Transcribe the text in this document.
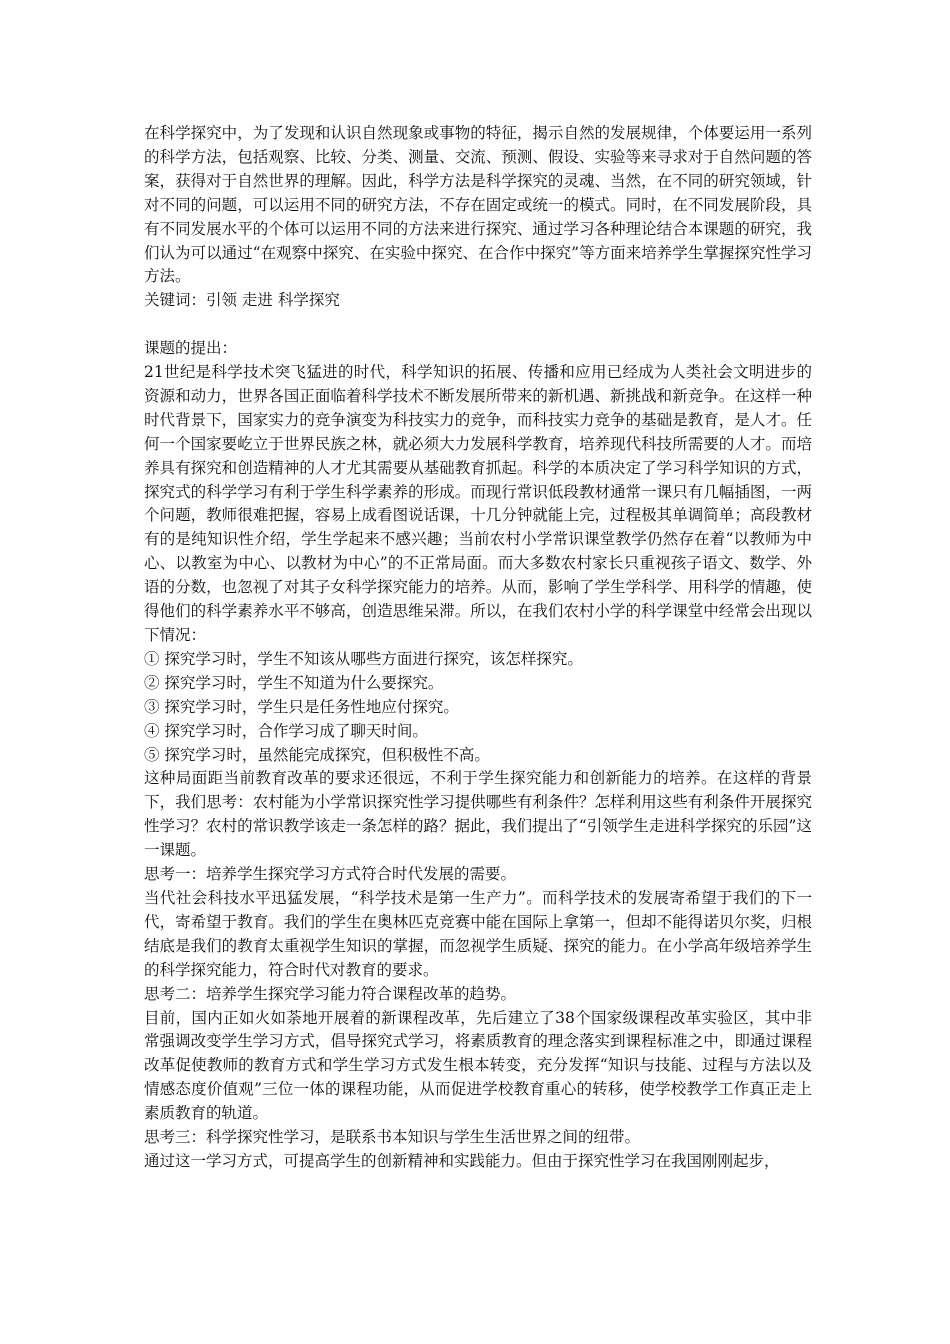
在科学探究中，为了发现和认识自然现象或事物的特征，揭示自然的发展规律，个体要运用一系列的科学方法，包括观察、比较、分类、测量、交流、预测、假设、实验等来寻求对于自然问题的答案，获得对于自然世界的理解。因此，科学方法是科学探究的灵魂、当然，在不同的研究领域，针对不同的问题，可以运用不同的研究方法，不存在固定或统一的模式。同时，在不同发展阶段，具有不同发展水平的个体可以运用不同的方法来进行探究、通过学习各种理论结合本课题的研究，我们认为可以通过“在观察中探究、在实验中探究、在合作中探究”等方面来培养学生掌握探究性学习方法。

关键词：引领 走进 科学探究

课题的提出：

21世纪是科学技术突飞猛进的时代，科学知识的拓展、传播和应用已经成为人类社会文明进步的资源和动力，世界各国正面临着科学技术不断发展所带来的新机遇、新挑战和新竞争。在这样一种时代背景下，国家实力的竞争演变为科技实力的竞争，而科技实力竞争的基础是教育，是人才。任何一个国家要屹立于世界民族之林，就必须大力发展科学教育，培养现代科技所需要的人才。而培养具有探究和创造精神的人才尤其需要从基础教育抓起。科学的本质决定了学习科学知识的方式，探究式的科学学习有利于学生科学素养的形成。而现行常识低段教材通常一课只有几幅插图，一两个问题，教师很难把握，容易上成看图说话课，十几分钟就能上完，过程极其单调简单；高段教材有的是纯知识性介绍，学生学起来不感兴趣；当前农村小学常识课堂教学仍然存在着“以教师为中心、以教室为中心、以教材为中心”的不正常局面。而大多数农村家长只重视孩子语文、数学、外语的分数，也忽视了对其子女科学探究能力的培养。从而，影响了学生学科学、用科学的情趣，使得他们的科学素养水平不够高，创造思维呆滞。所以，在我们农村小学的科学课堂中经常会出现以下情况：

① 探究学习时，学生不知该从哪些方面进行探究，该怎样探究。

② 探究学习时，学生不知道为什么要探究。

③ 探究学习时，学生只是任务性地应付探究。

④ 探究学习时，合作学习成了聊天时间。

⑤ 探究学习时，虽然能完成探究，但积极性不高。

这种局面距当前教育改革的要求还很远，不利于学生探究能力和创新能力的培养。在这样的背景下，我们思考：农村能为小学常识探究性学习提供哪些有利条件？怎样利用这些有利条件开展探究性学习？农村的常识教学该走一条怎样的路？据此，我们提出了“引领学生走进科学探究的乐园”这一课题。

思考一：培养学生探究学习方式符合时代发展的需要。

当代社会科技水平迅猛发展，“科学技术是第一生产力”。而科学技术的发展寄希望于我们的下一代，寄希望于教育。我们的学生在奥林匹克竞赛中能在国际上拿第一，但却不能得诺贝尔奖，归根结底是我们的教育太重视学生知识的掌握，而忽视学生质疑、探究的能力。在小学高年级培养学生的科学探究能力，符合时代对教育的要求。

思考二：培养学生探究学习能力符合课程改革的趋势。

目前，国内正如火如荼地开展着的新课程改革，先后建立了38个国家级课程改革实验区，其中非常强调改变学生学习方式，倡导探究式学习，将素质教育的理念落实到课程标准之中，即通过课程改革促使教师的教育方式和学生学习方式发生根本转变，充分发挥“知识与技能、过程与方法以及情感态度价值观”三位一体的课程功能，从而促进学校教育重心的转移，使学校教学工作真正走上素质教育的轨道。

思考三：科学探究性学习，是联系书本知识与学生生活世界之间的纽带。

通过这一学习方式，可提高学生的创新精神和实践能力。但由于探究性学习在我国刚刚起步，
